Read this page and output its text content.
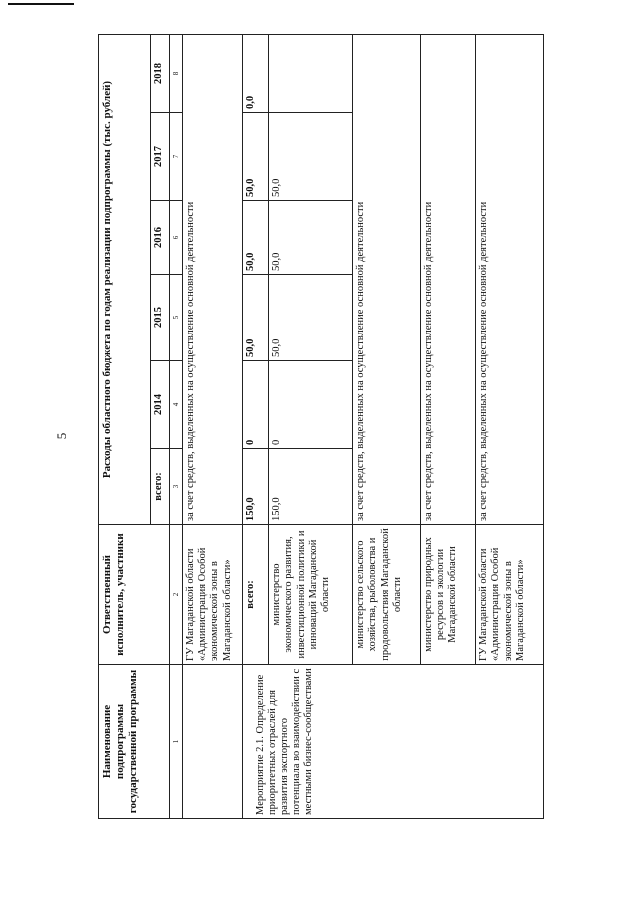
5
Наименование подпрограммы государственной программы	Ответственный исполнитель, участники	Расходы областного бюджета по годам реализации подпрограммы (тыс. рублей)					
		всего:	2014	2015	2016	2017	2018
1	2	3	4	5	6	7	8
	ГУ Магаданской области «Администрация Особой экономической зоны в Магаданской области»	за счет средств, выделенных на осуществление основной деятельности					

Мероприятие 2.1. Определение приоритетных отраслей для развития экспортного потенциала во взаимодействии с местными бизнес-сообществами	всего:	150,0	0	50,0	50,0	50,0	0,0
	министерство экономического развития, инвестиционной политики и инноваций Магаданской области	150,0	0	50,0	50,0	50,0	
	министерство сельского хозяйства, рыболовства и продовольствия Магаданской области	за счет средств, выделенных на осуществление основной деятельности					
	министерство природных ресурсов и экологии Магаданской области	за счет средств, выделенных на осуществление основной деятельности					
	ГУ Магаданской области «Администрация Особой экономической зоны в Магаданской области»	за счет средств, выделенных на осуществление основной деятельности					
